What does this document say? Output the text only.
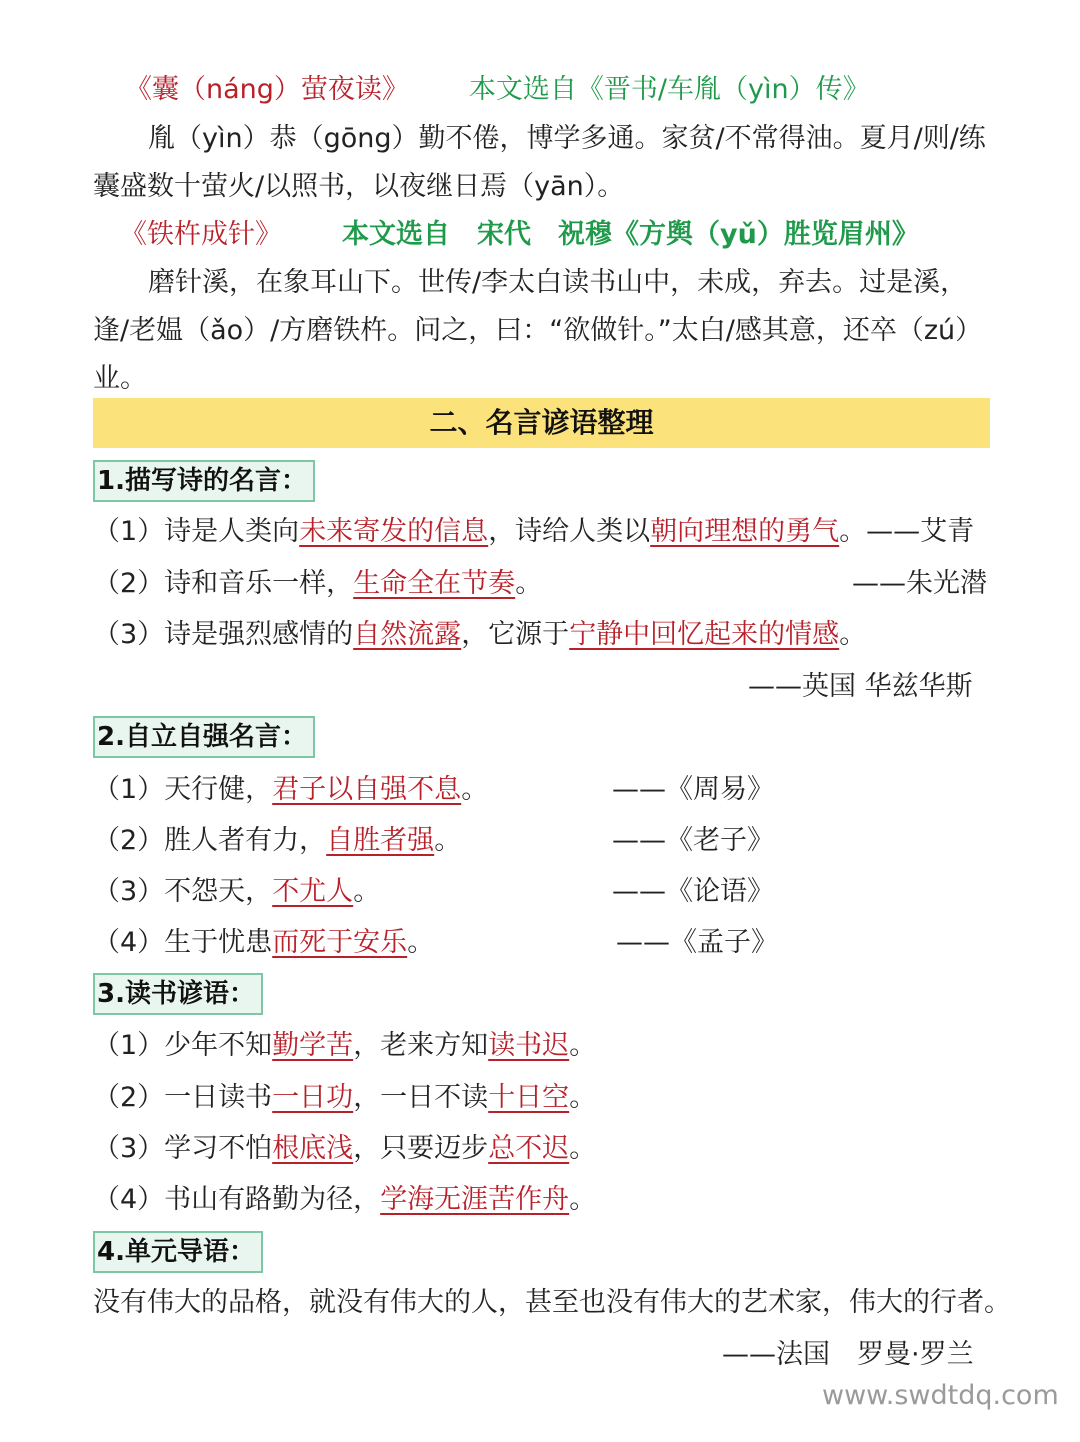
《囊（náng）萤夜读》 本文选自《晋书/车胤（yìn）传》
胤（yìn）恭（gōng）勤不倦，博学多通。家贫/不常得油。夏月/则/练
囊盛数十萤火/以照书，以夜继日焉（yān）。
《铁杵成针》 本文选自　宋代　祝穆《方舆（yǔ）胜览眉州》
磨针溪，在象耳山下。世传/李太白读书山中，未成，弃去。过是溪，
逢/老媪（ǎo）/方磨铁杵。问之，曰：“欲做针。”太白/感其意，还卒（zú）
业。
二、名言谚语整理
1.描写诗的名言：
（1）诗是人类向未来寄发的信息，诗给人类以朝向理想的勇气。——艾青
（2）诗和音乐一样，生命全在节奏。	——朱光潜
（3）诗是强烈感情的自然流露，它源于宁静中回忆起来的情感。
——英国 华兹华斯
2.自立自强名言：
（1）天行健，君子以自强不息。	——《周易》
（2）胜人者有力，自胜者强。	——《老子》
（3）不怨天，不尤人。	——《论语》
（4）生于忧患而死于安乐。	——《孟子》
3.读书谚语：
（1）少年不知勤学苦，老来方知读书迟。
（2）一日读书一日功，一日不读十日空。
（3）学习不怕根底浅，只要迈步总不迟。
（4）书山有路勤为径，学海无涯苦作舟。
4.单元导语：
没有伟大的品格，就没有伟大的人，甚至也没有伟大的艺术家，伟大的行者。
——法国　罗曼·罗兰
www.swdtdq.com
